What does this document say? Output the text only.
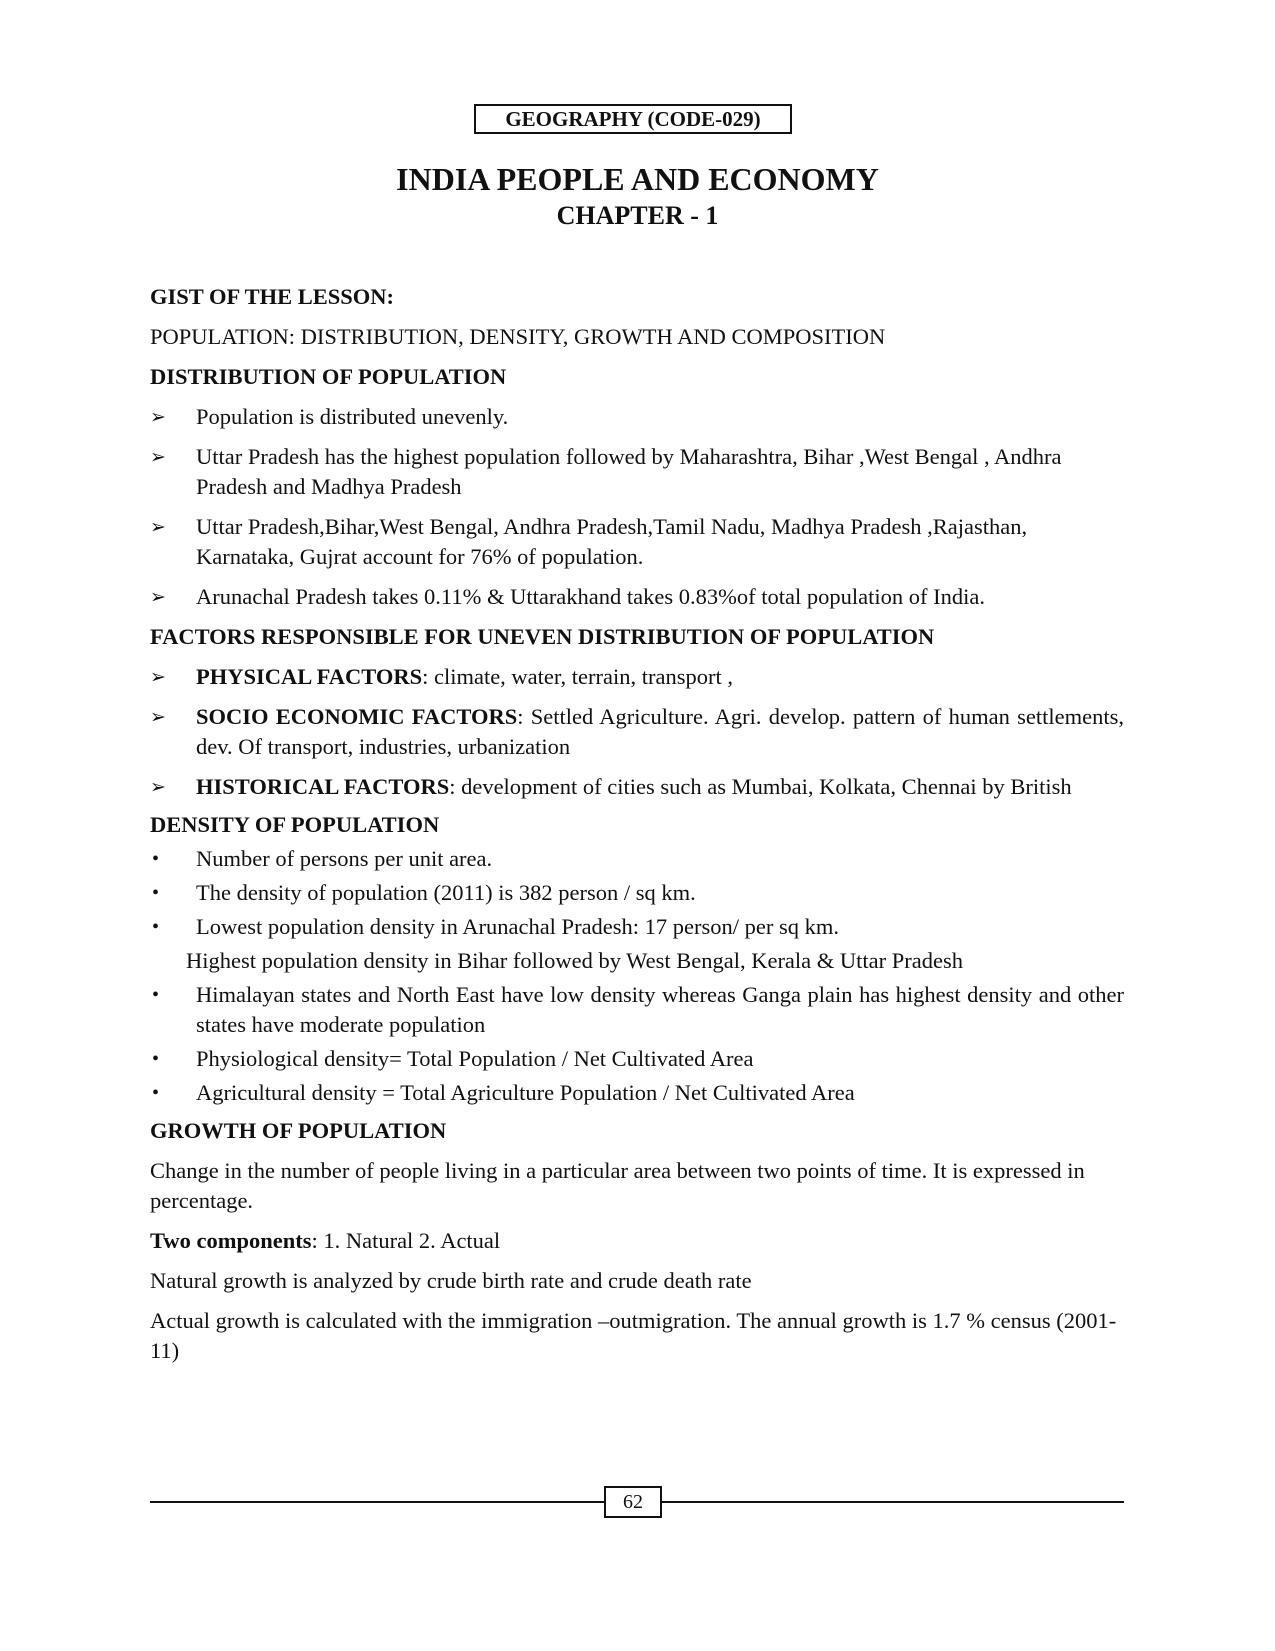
GEOGRAPHY (CODE-029)
INDIA PEOPLE AND ECONOMY
CHAPTER - 1

GIST OF THE LESSON:

POPULATION: DISTRIBUTION, DENSITY, GROWTH AND COMPOSITION

DISTRIBUTION OF POPULATION

➢	Population is distributed unevenly.
➢	Uttar Pradesh has the highest population followed by Maharashtra, Bihar ,West Bengal , Andhra Pradesh and Madhya Pradesh
➢	Uttar Pradesh,Bihar,West Bengal, Andhra Pradesh,Tamil Nadu, Madhya Pradesh ,Rajasthan, Karnataka, Gujrat account for 76% of population.
➢	Arunachal Pradesh takes 0.11% & Uttarakhand takes 0.83%of total population of India.

FACTORS RESPONSIBLE FOR UNEVEN DISTRIBUTION OF POPULATION

➢	PHYSICAL FACTORS: climate, water, terrain, transport ,
➢	SOCIO ECONOMIC FACTORS: Settled Agriculture. Agri. develop. pattern of human settlements, dev. Of transport, industries, urbanization
➢	HISTORICAL FACTORS: development of cities such as Mumbai, Kolkata, Chennai by British

DENSITY OF POPULATION

•	Number of persons per unit area.
•	The density of population (2011) is 382 person / sq km.
•	Lowest population density in Arunachal Pradesh: 17 person/ per sq km.

Highest population density in Bihar followed by West Bengal, Kerala & Uttar Pradesh

•	Himalayan states and North East have low density whereas Ganga plain has highest density and other states have moderate population
•	Physiological density= Total Population / Net Cultivated Area
•	Agricultural density = Total Agriculture Population / Net Cultivated Area

GROWTH OF POPULATION

Change in the number of people living in a particular area between two points of time. It is expressed in percentage.

Two components: 1. Natural 2. Actual

Natural growth is analyzed by crude birth rate and crude death rate

Actual growth is calculated with the immigration –outmigration. The annual growth is 1.7 % census (2001-11)

62
